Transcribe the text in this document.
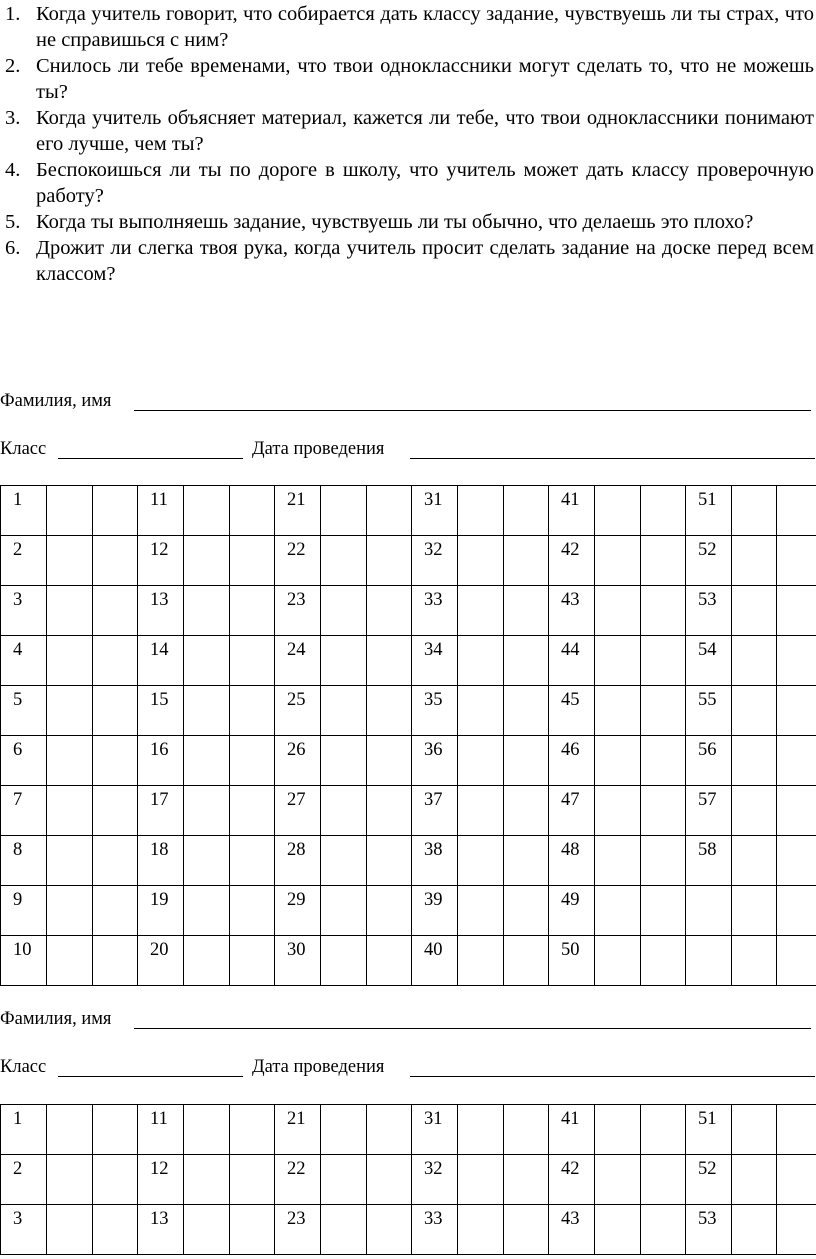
1. Когда учитель говорит, что собирается дать классу задание, чувствуешь ли ты страх, что не справишься с ним?
2. Снилось ли тебе временами, что твои одноклассники могут сделать то, что не можешь ты?
3. Когда учитель объясняет материал, кажется ли тебе, что твои одноклассники понимают его лучше, чем ты?
4. Беспокоишься ли ты по дороге в школу, что учитель может дать классу проверочную работу?
5. Когда ты выполняешь задание, чувствуешь ли ты обычно, что делаешь это плохо?
6. Дрожит ли слегка твоя рука, когда учитель просит сделать задание на доске перед всем классом?
Фамилия, имя
Класс	Дата проведения
1			11			21			31			41			51		
2			12			22			32			42			52		
3			13			23			33			43			53		
4			14			24			34			44			54		
5			15			25			35			45			55		
6			16			26			36			46			56		
7			17			27			37			47			57		
8			18			28			38			48			58		
9			19			29			39			49					
10			20			30			40			50					
Фамилия, имя
Класс	Дата проведения
1			11			21			31			41			51		
2			12			22			32			42			52		
3			13			23			33			43			53		
